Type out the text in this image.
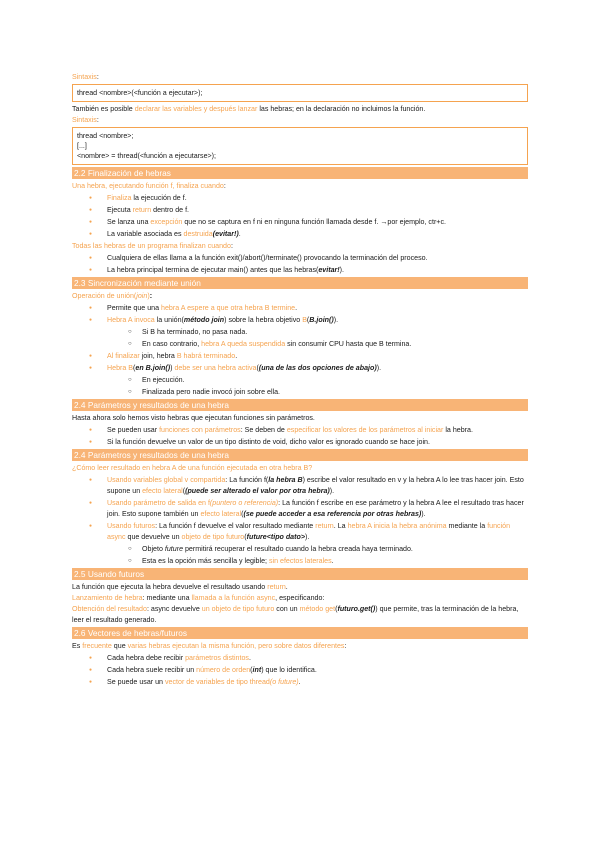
Sintaxis:

thread <nombre>(<función a ejecutar>);

También es posible declarar las variables y después lanzar las hebras; en la declaración no incluimos la función.

Sintaxis:

thread <nombre>;
[...]
<nombre> = thread(<función a ejecutarse>);
2.2 Finalización de hebras

Una hebra, ejecutando función f, finaliza cuando:

● Finaliza la ejecución de f.
● Ejecuta return dentro de f.
● Se lanza una excepción que no se captura en f ni en ninguna función llamada desde f. →por ejemplo, ctr+c.
● La variable asociada es destruida(evitar!).

Todas las hebras de un programa finalizan cuando:

● Cualquiera de ellas llama a la función exit()/abort()/terminate() provocando la terminación del proceso.
● La hebra principal termina de ejecutar main() antes que las hebras(evitar!).
2.3 Sincronización mediante unión

Operación de unión(join):

● Permite que una hebra A espere a que otra hebra B termine.
● Hebra A invoca la unión(método join) sobre la hebra objetivo B(B.join()).
○ Si B ha terminado, no pasa nada.
○ En caso contrario, hebra A queda suspendida sin consumir CPU hasta que B termina.
● Al finalizar join, hebra B habrá terminado.
● Hebra B(en B.join()) debe ser una hebra activa((una de las dos opciones de abajo)).
○ En ejecución.
○ Finalizada pero nadie invocó join sobre ella.
2.4 Parámetros y resultados de una hebra

Hasta ahora solo hemos visto hebras que ejecutan funciones sin parámetros.

● Se pueden usar funciones con parámetros: Se deben de especificar los valores de los parámetros al iniciar la hebra.
● Si la función devuelve un valor de un tipo distinto de void, dicho valor es ignorado cuando se hace join.
2.4 Parámetros y resultados de una hebra

¿Cómo leer resultado en hebra A de una función ejecutada en otra hebra B?

● Usando variables global v compartida: La función f(la hebra B) escribe el valor resultado en v y la hebra A lo lee tras hacer join. Esto supone un efecto lateral((puede ser alterado el valor por otra hebra)).
● Usando parámetro de salida en f(puntero o referencia): La función f escribe en ese parámetro y la hebra A lee el resultado tras hacer join. Esto supone también un efecto lateral((se puede acceder a esa referencia por otras hebras)).
● Usando futuros: La función f devuelve el valor resultado mediante return. La hebra A inicia la hebra anónima mediante la función async que devuelve un objeto de tipo futuro(future<tipo dato>).
○ Objeto future permitirá recuperar el resultado cuando la hebra creada haya terminado.
○ Esta es la opción más sencilla y legible; sin efectos laterales.
2.5 Usando futuros

La función que ejecuta la hebra devuelve el resultado usando return.

Lanzamiento de hebra: mediante una llamada a la función async, especificando:

Obtención del resultado: async devuelve un objeto de tipo futuro con un método get(futuro.get()) que permite, tras la terminación de la hebra, leer el resultado generado.

2.6 Vectores de hebras/futuros

Es frecuente que varias hebras ejecutan la misma función, pero sobre datos diferentes:

● Cada hebra debe recibir parámetros distintos.
● Cada hebra suele recibir un número de orden(int) que lo identifica.
● Se puede usar un vector de variables de tipo thread(o future).
